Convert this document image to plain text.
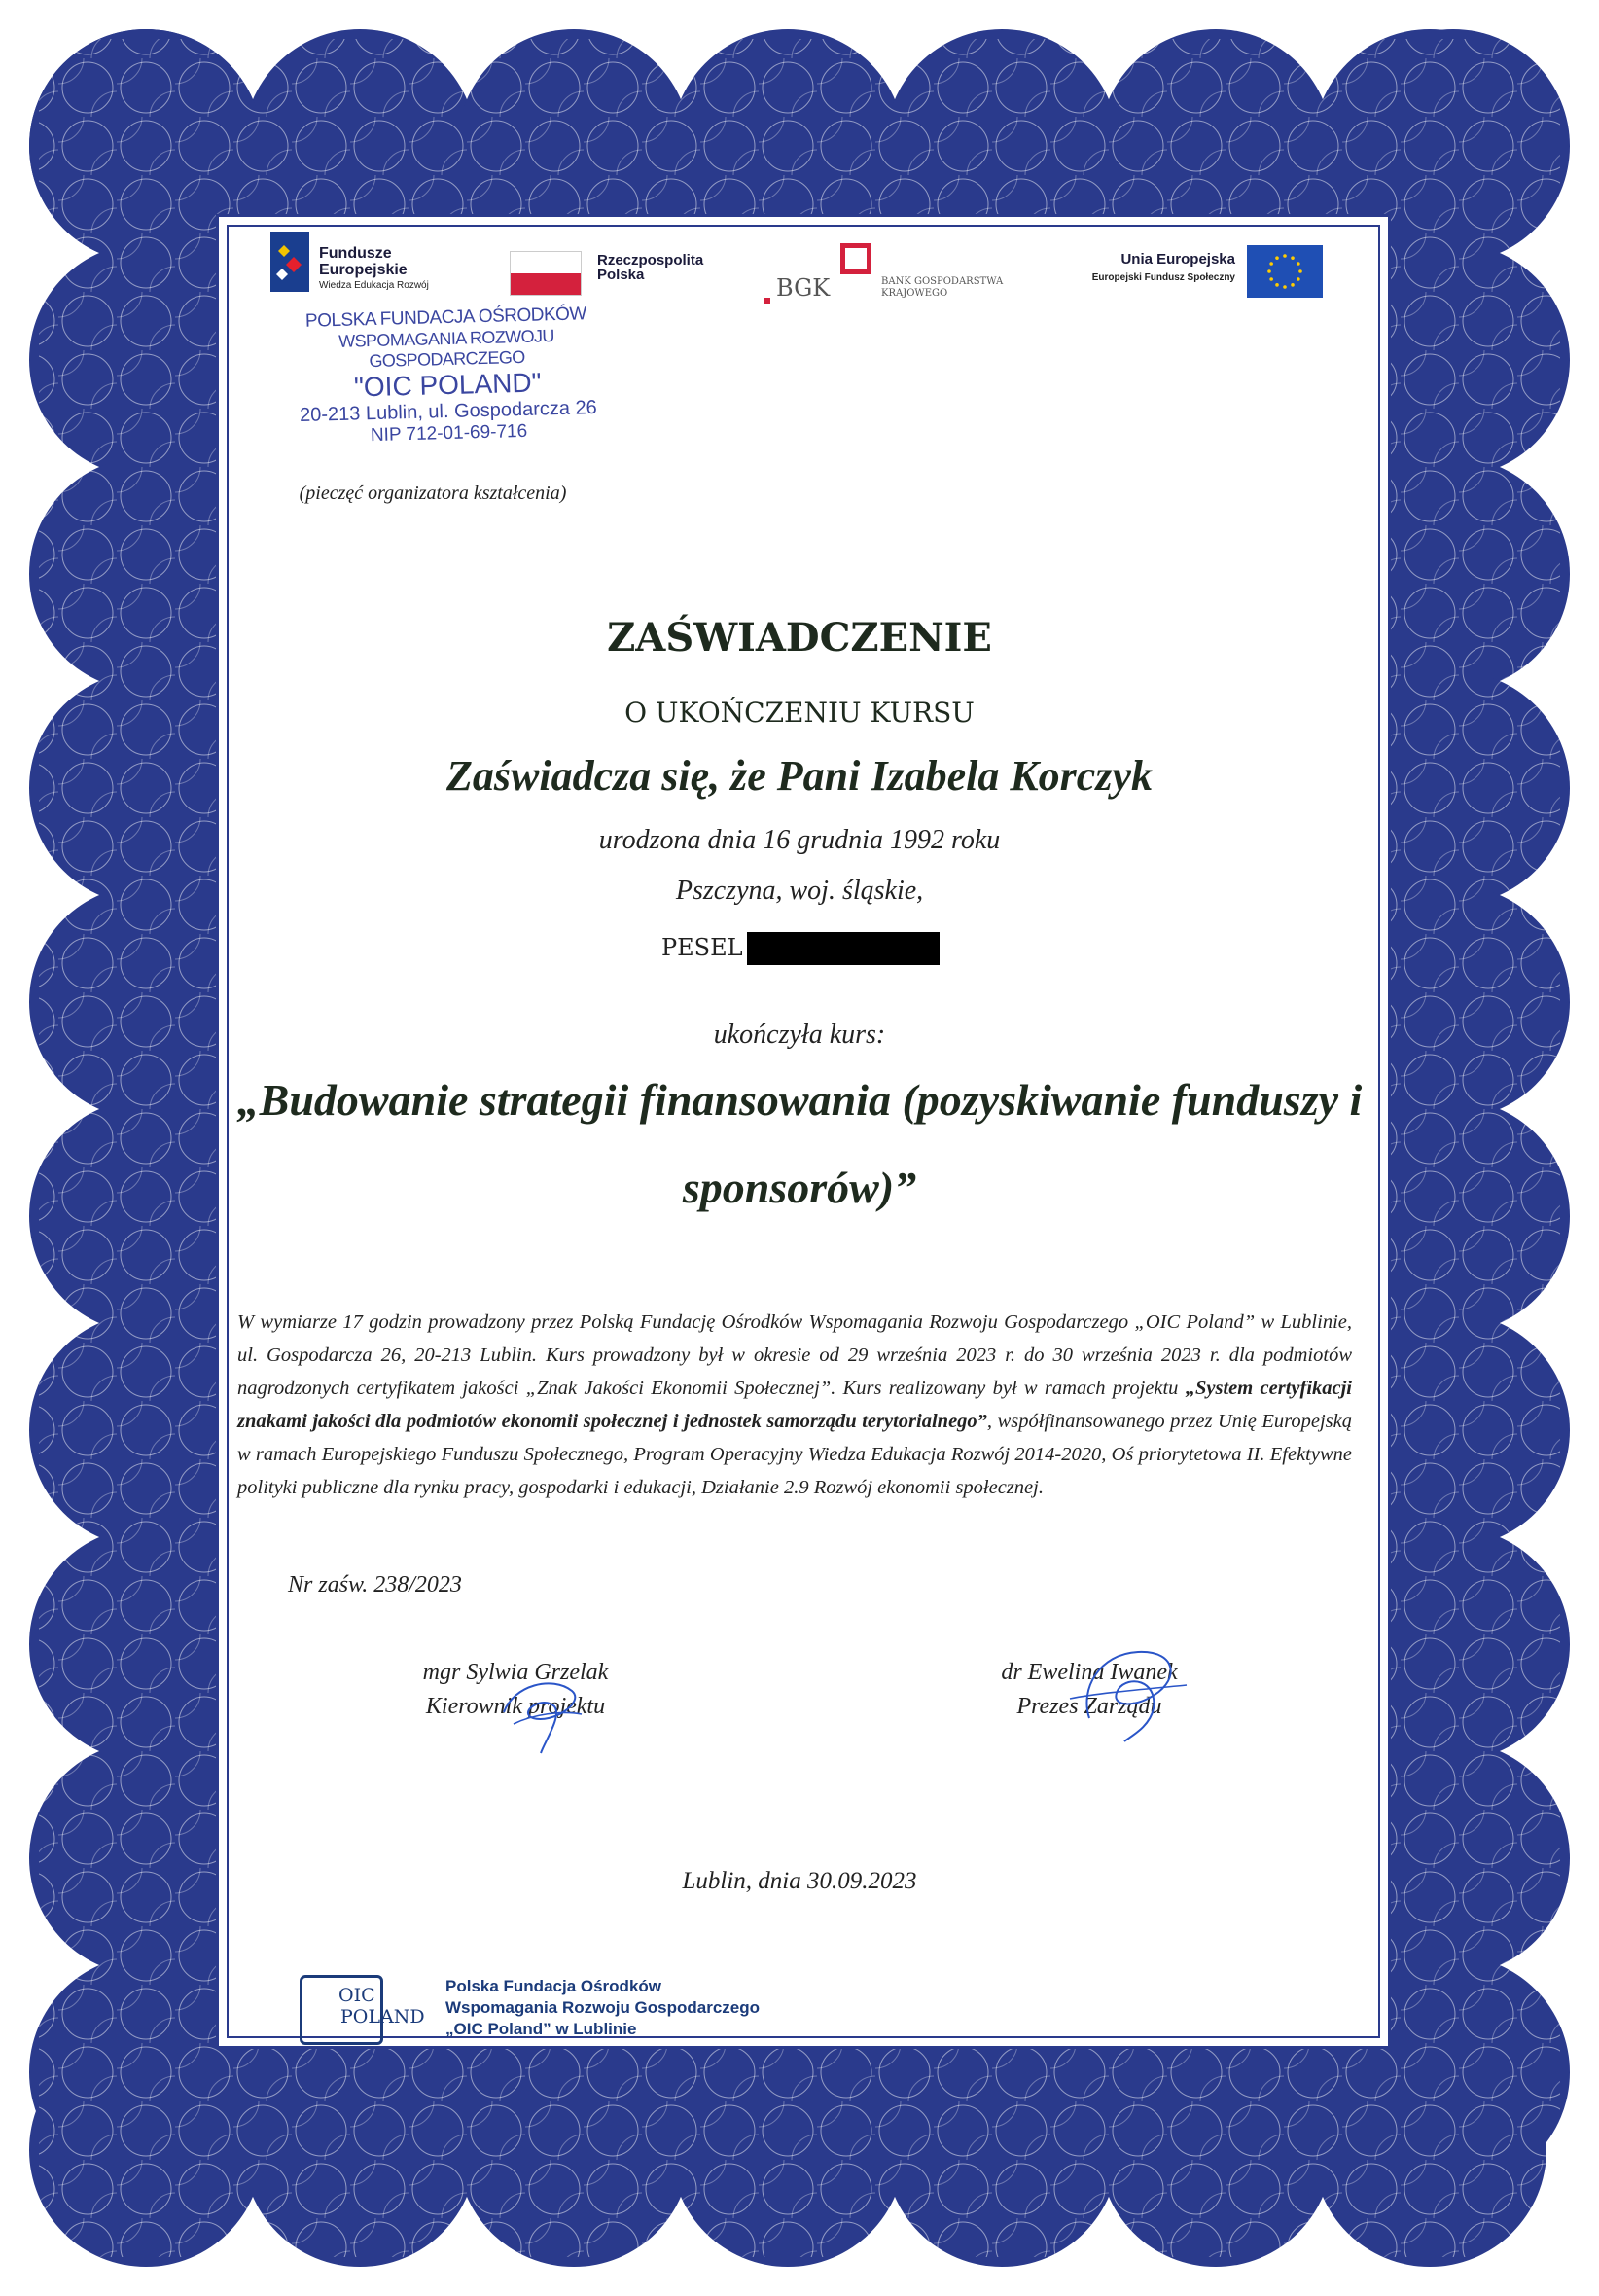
Fundusze Europejskie
Wiedza Edukacja Rozwój
Rzeczpospolita Polska	BGK	BANK GOSPODARSTWA
KRAJOWEGO
Unia Europejska
Europejski Fundusz Społeczny
POLSKA FUNDACJA OŚRODKÓW
WSPOMAGANIA ROZWOJU GOSPODARCZEGO
"OIC POLAND"
20-213 Lublin, ul. Gospodarcza 26
NIP 712-01-69-716
(pieczęć organizatora kształcenia)
ZAŚWIADCZENIE
O UKOŃCZENIU KURSU
Zaświadcza się, że Pani Izabela Korczyk
urodzona dnia 16 grudnia 1992 roku
Pszczyna, woj. śląskie,
PESEL
ukończyła kurs:
„Budowanie strategii finansowania (pozyskiwanie funduszy i
sponsorów)”
W wymiarze 17 godzin prowadzony przez Polską Fundację Ośrodków Wspomagania Rozwoju Gospodarczego „OIC Poland” w Lublinie, ul. Gospodarcza 26, 20-213 Lublin. Kurs prowadzony był w okresie od 29 września 2023 r. do 30 września 2023 r. dla podmiotów nagrodzonych certyfikatem jakości „Znak Jakości Ekonomii Społecznej”. Kurs realizowany był w ramach projektu „System certyfikacji znakami jakości dla podmiotów ekonomii społecznej i jednostek samorządu terytorialnego”, współfinansowanego przez Unię Europejską w ramach Europejskiego Funduszu Społecznego, Program Operacyjny Wiedza Edukacja Rozwój 2014-2020, Oś priorytetowa II. Efektywne polityki publiczne dla rynku pracy, gospodarki i edukacji, Działanie 2.9 Rozwój ekonomii społecznej.
Nr zaśw. 238/2023
mgr Sylwia Grzelak
Kierownik projektu
dr Ewelina Iwanek
Prezes Zarządu
Lublin, dnia 30.09.2023
OIC
POLAND
Polska Fundacja Ośrodków
Wspomagania Rozwoju Gospodarczego
„OIC Poland” w Lublinie
